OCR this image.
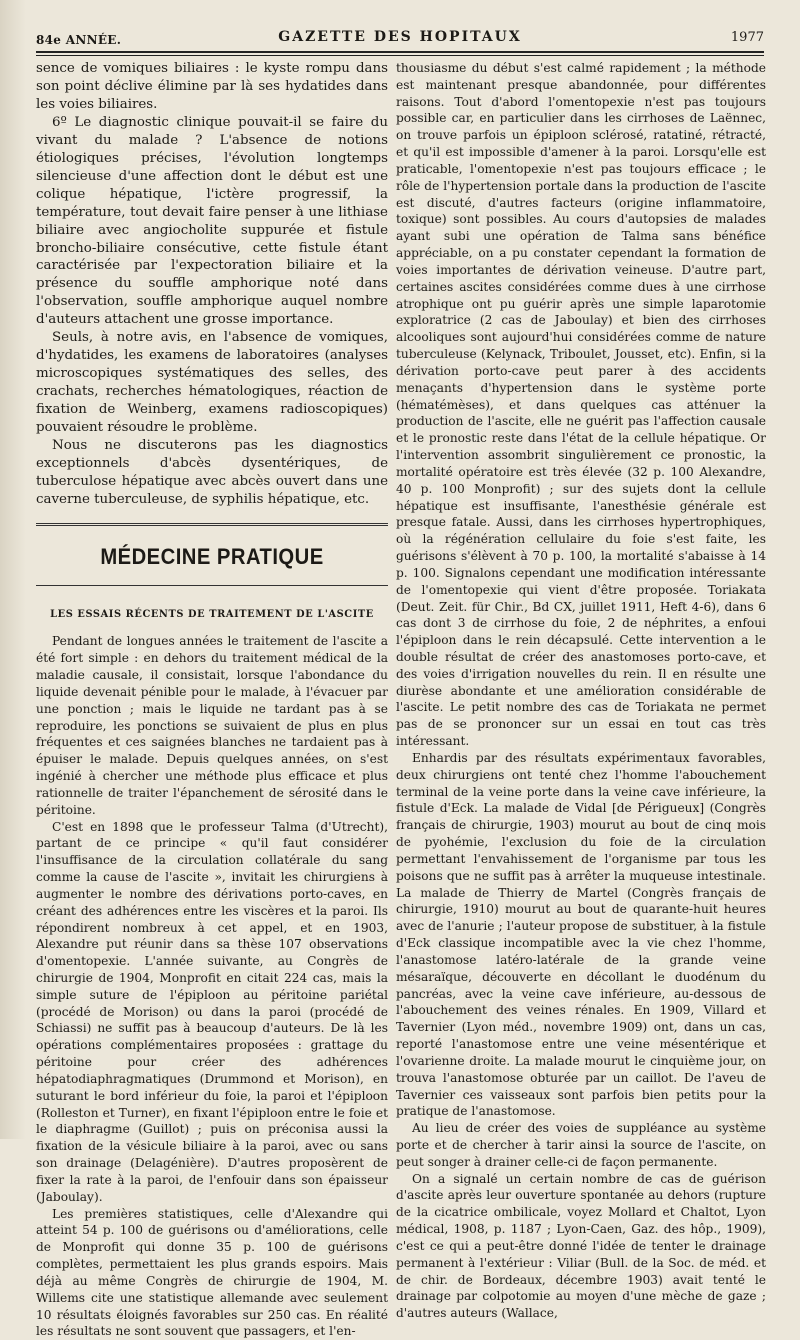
84e ANNÉE.	GAZETTE DES HOPITAUX	1977

sence de vomiques biliaires : le kyste rompu dans son point déclive élimine par là ses hydatides dans les voies biliaires.

6º Le diagnostic clinique pouvait-il se faire du vivant du malade ? L'absence de notions étiologiques précises, l'évolution longtemps silencieuse d'une affection dont le début est une colique hépatique, l'ictère progressif, la température, tout devait faire penser à une lithiase biliaire avec angiocholite suppurée et fistule broncho-biliaire consécutive, cette fistule étant caractérisée par l'expectoration biliaire et la présence du souffle amphorique noté dans l'observation, souffle amphorique auquel nombre d'auteurs attachent une grosse importance.

Seuls, à notre avis, en l'absence de vomiques, d'hydatides, les examens de laboratoires (analyses microscopiques systématiques des selles, des crachats, recherches hématologiques, réaction de fixation de Weinberg, examens radioscopiques) pouvaient résoudre le problème.

Nous ne discuterons pas les diagnostics exceptionnels d'abcès dysentériques, de tuberculose hépatique avec abcès ouvert dans une caverne tuberculeuse, de syphilis hépatique, etc.

MÉDECINE PRATIQUE
LES ESSAIS RÉCENTS DE TRAITEMENT DE L'ASCITE

Pendant de longues années le traitement de l'ascite a été fort simple : en dehors du traitement médical de la maladie causale, il consistait, lorsque l'abondance du liquide devenait pénible pour le malade, à l'évacuer par une ponction ; mais le liquide ne tardant pas à se reproduire, les ponctions se suivaient de plus en plus fréquentes et ces saignées blanches ne tardaient pas à épuiser le malade. Depuis quelques années, on s'est ingénié à chercher une méthode plus efficace et plus rationnelle de traiter l'épanchement de sérosité dans le péritoine.

C'est en 1898 que le professeur Talma (d'Utrecht), partant de ce principe « qu'il faut considérer l'insuffisance de la circulation collatérale du sang comme la cause de l'ascite », invitait les chirurgiens à augmenter le nombre des dérivations porto-caves, en créant des adhérences entre les viscères et la paroi. Ils répondirent nombreux à cet appel, et en 1903, Alexandre put réunir dans sa thèse 107 observations d'omentopexie. L'année suivante, au Congrès de chirurgie de 1904, Monprofit en citait 224 cas, mais la simple suture de l'épiploon au péritoine pariétal (procédé de Morison) ou dans la paroi (procédé de Schiassi) ne suffit pas à beaucoup d'auteurs. De là les opérations complémentaires proposées : grattage du péritoine pour créer des adhérences hépatodiaphragmatiques (Drummond et Morison), en suturant le bord inférieur du foie, la paroi et l'épiploon (Rolleston et Turner), en fixant l'épiploon entre le foie et le diaphragme (Guillot) ; puis on préconisa aussi la fixation de la vésicule biliaire à la paroi, avec ou sans son drainage (Delagénière). D'autres proposèrent de fixer la rate à la paroi, de l'enfouir dans son épaisseur (Jaboulay).

Les premières statistiques, celle d'Alexandre qui atteint 54 p. 100 de guérisons ou d'améliorations, celle de Monprofit qui donne 35 p. 100 de guérisons complètes, permettaient les plus grands espoirs. Mais déjà au même Congrès de chirurgie de 1904, M. Willems cite une statistique allemande avec seulement 10 résultats éloignés favorables sur 250 cas. En réalité les résultats ne sont souvent que passagers, et l'en-

thousiasme du début s'est calmé rapidement ; la méthode est maintenant presque abandonnée, pour différentes raisons. Tout d'abord l'omentopexie n'est pas toujours possible car, en particulier dans les cirrhoses de Laënnec, on trouve parfois un épiploon sclérosé, ratatiné, rétracté, et qu'il est impossible d'amener à la paroi. Lorsqu'elle est praticable, l'omentopexie n'est pas toujours efficace ; le rôle de l'hypertension portale dans la production de l'ascite est discuté, d'autres facteurs (origine inflammatoire, toxique) sont possibles. Au cours d'autopsies de malades ayant subi une opération de Talma sans bénéfice appréciable, on a pu constater cependant la formation de voies importantes de dérivation veineuse. D'autre part, certaines ascites considérées comme dues à une cirrhose atrophique ont pu guérir après une simple laparotomie exploratrice (2 cas de Jaboulay) et bien des cirrhoses alcooliques sont aujourd'hui considérées comme de nature tuberculeuse (Kelynack, Triboulet, Jousset, etc). Enfin, si la dérivation porto-cave peut parer à des accidents menaçants d'hypertension dans le système porte (hématémèses), et dans quelques cas atténuer la production de l'ascite, elle ne guérit pas l'affection causale et le pronostic reste dans l'état de la cellule hépatique. Or l'intervention assombrit singulièrement ce pronostic, la mortalité opératoire est très élevée (32 p. 100 Alexandre, 40 p. 100 Monprofit) ; sur des sujets dont la cellule hépatique est insuffisante, l'anesthésie générale est presque fatale. Aussi, dans les cirrhoses hypertrophiques, où la régénération cellulaire du foie s'est faite, les guérisons s'élèvent à 70 p. 100, la mortalité s'abaisse à 14 p. 100. Signalons cependant une modification intéressante de l'omentopexie qui vient d'être proposée. Toriakata (Deut. Zeit. für Chir., Bd CX, juillet 1911, Heft 4-6), dans 6 cas dont 3 de cirrhose du foie, 2 de néphrites, a enfoui l'épiploon dans le rein décapsulé. Cette intervention a le double résultat de créer des anastomoses porto-cave, et des voies d'irrigation nouvelles du rein. Il en résulte une diurèse abondante et une amélioration considérable de l'ascite. Le petit nombre des cas de Toriakata ne permet pas de se prononcer sur un essai en tout cas très intéressant.

Enhardis par des résultats expérimentaux favorables, deux chirurgiens ont tenté chez l'homme l'abouchement terminal de la veine porte dans la veine cave inférieure, la fistule d'Eck. La malade de Vidal [de Périgueux] (Congrès français de chirurgie, 1903) mourut au bout de cinq mois de pyohémie, l'exclusion du foie de la circulation permettant l'envahissement de l'organisme par tous les poisons que ne suffit pas à arrêter la muqueuse intestinale. La malade de Thierry de Martel (Congrès français de chirurgie, 1910) mourut au bout de quarante-huit heures avec de l'anurie ; l'auteur propose de substituer, à la fistule d'Eck classique incompatible avec la vie chez l'homme, l'anastomose latéro-latérale de la grande veine mésaraïque, découverte en décollant le duodénum du pancréas, avec la veine cave inférieure, au-dessous de l'abouchement des veines rénales. En 1909, Villard et Tavernier (Lyon méd., novembre 1909) ont, dans un cas, reporté l'anastomose entre une veine mésentérique et l'ovarienne droite. La malade mourut le cinquième jour, on trouva l'anastomose obturée par un caillot. De l'aveu de Tavernier ces vaisseaux sont parfois bien petits pour la pratique de l'anastomose.

Au lieu de créer des voies de suppléance au système porte et de chercher à tarir ainsi la source de l'ascite, on peut songer à drainer celle-ci de façon permanente.

On a signalé un certain nombre de cas de guérison d'ascite après leur ouverture spontanée au dehors (rupture de la cicatrice ombilicale, voyez Mollard et Chaltot, Lyon médical, 1908, p. 1187 ; Lyon-Caen, Gaz. des hôp., 1909), c'est ce qui a peut-être donné l'idée de tenter le drainage permanent à l'extérieur : Viliar (Bull. de la Soc. de méd. et de chir. de Bordeaux, décembre 1903) avait tenté le drainage par colpotomie au moyen d'une mèche de gaze ; d'autres auteurs (Wallace,
